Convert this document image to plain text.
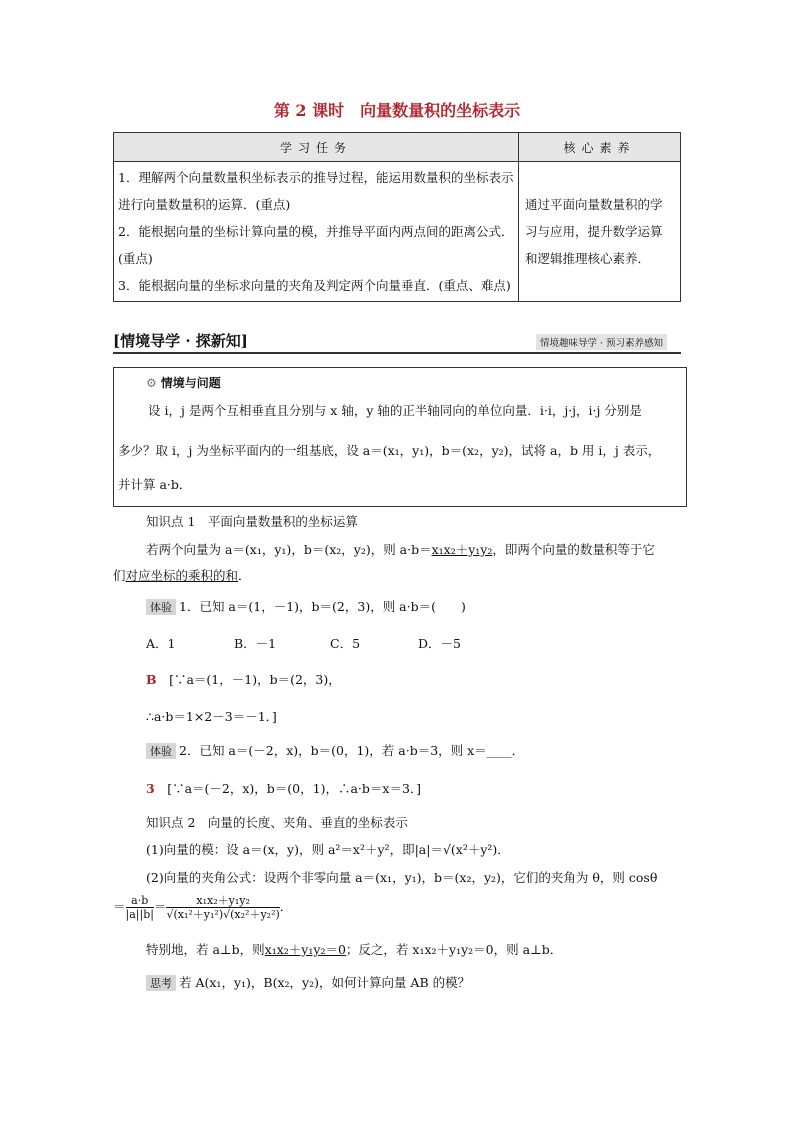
第 2 课时　向量数量积的坐标表示
学习任务	核心素养

1．理解两个向量数量积坐标表示的推导过程，能运用数量积的坐标表示进行向量数量积的运算．(重点)
2．能根据向量的坐标计算向量的模，并推导平面内两点间的距离公式．(重点)
3．能根据向量的坐标求向量的夹角及判定两个向量垂直．(重点、难点)	通过平面向量数量积的学习与应用，提升数学运算和逻辑推理核心素养．
[情境导学 · 探新知]	情境趣味导学 · 预习素养感知
⚙ 情境与问题
设 i，j 是两个互相垂直且分别与 x 轴，y 轴的正半轴同向的单位向量．i·i，j·j，i·j 分别是
多少？取 i，j 为坐标平面内的一组基底，设 a＝(x₁，y₁)，b＝(x₂，y₂)，试将 a，b 用 i，j 表示，
并计算 a·b．
知识点 1　平面向量数量积的坐标运算
若两个向量为 a＝(x₁，y₁)，b＝(x₂，y₂)，则 a·b＝x₁x₂＋y₁y₂，即两个向量的数量积等于它
们对应坐标的乘积的和．
体验 1．已知 a＝(1，－1)，b＝(2，3)，则 a·b＝(　　)
A．1	B．－1	C．5	D．－5
B　 [∵a＝(1，－1)，b＝(2，3)，
∴a·b＝1×2－3＝－1．]
体验 2．已知 a＝(－2，x)，b＝(0，1)，若 a·b＝3，则 x＝____．
3　 [∵a＝(－2，x)，b＝(0，1)，∴a·b＝x＝3．]
知识点 2　向量的长度、夹角、垂直的坐标表示
(1)向量的模：设 a＝(x，y)，则 a²＝x²＋y²，即|a|＝√(x²＋y²)．
(2)向量的夹角公式：设两个非零向量 a＝(x₁，y₁)，b＝(x₂，y₂)，它们的夹角为 θ，则 cosθ
＝ $\frac{a\cdot b}{|a||b|} = \frac{\text{x₁x₂＋y₁y₂}}{\text{√(x₁²＋y₁²)√(x₂²＋y₂²)}}$ ．
特别地，若 a⊥b，则x₁x₂＋y₁y₂＝0；反之，若 x₁x₂＋y₁y₂＝0，则 a⊥b．
思考 若 A(x₁，y₁)，B(x₂，y₂)，如何计算向量 AB 的模？
